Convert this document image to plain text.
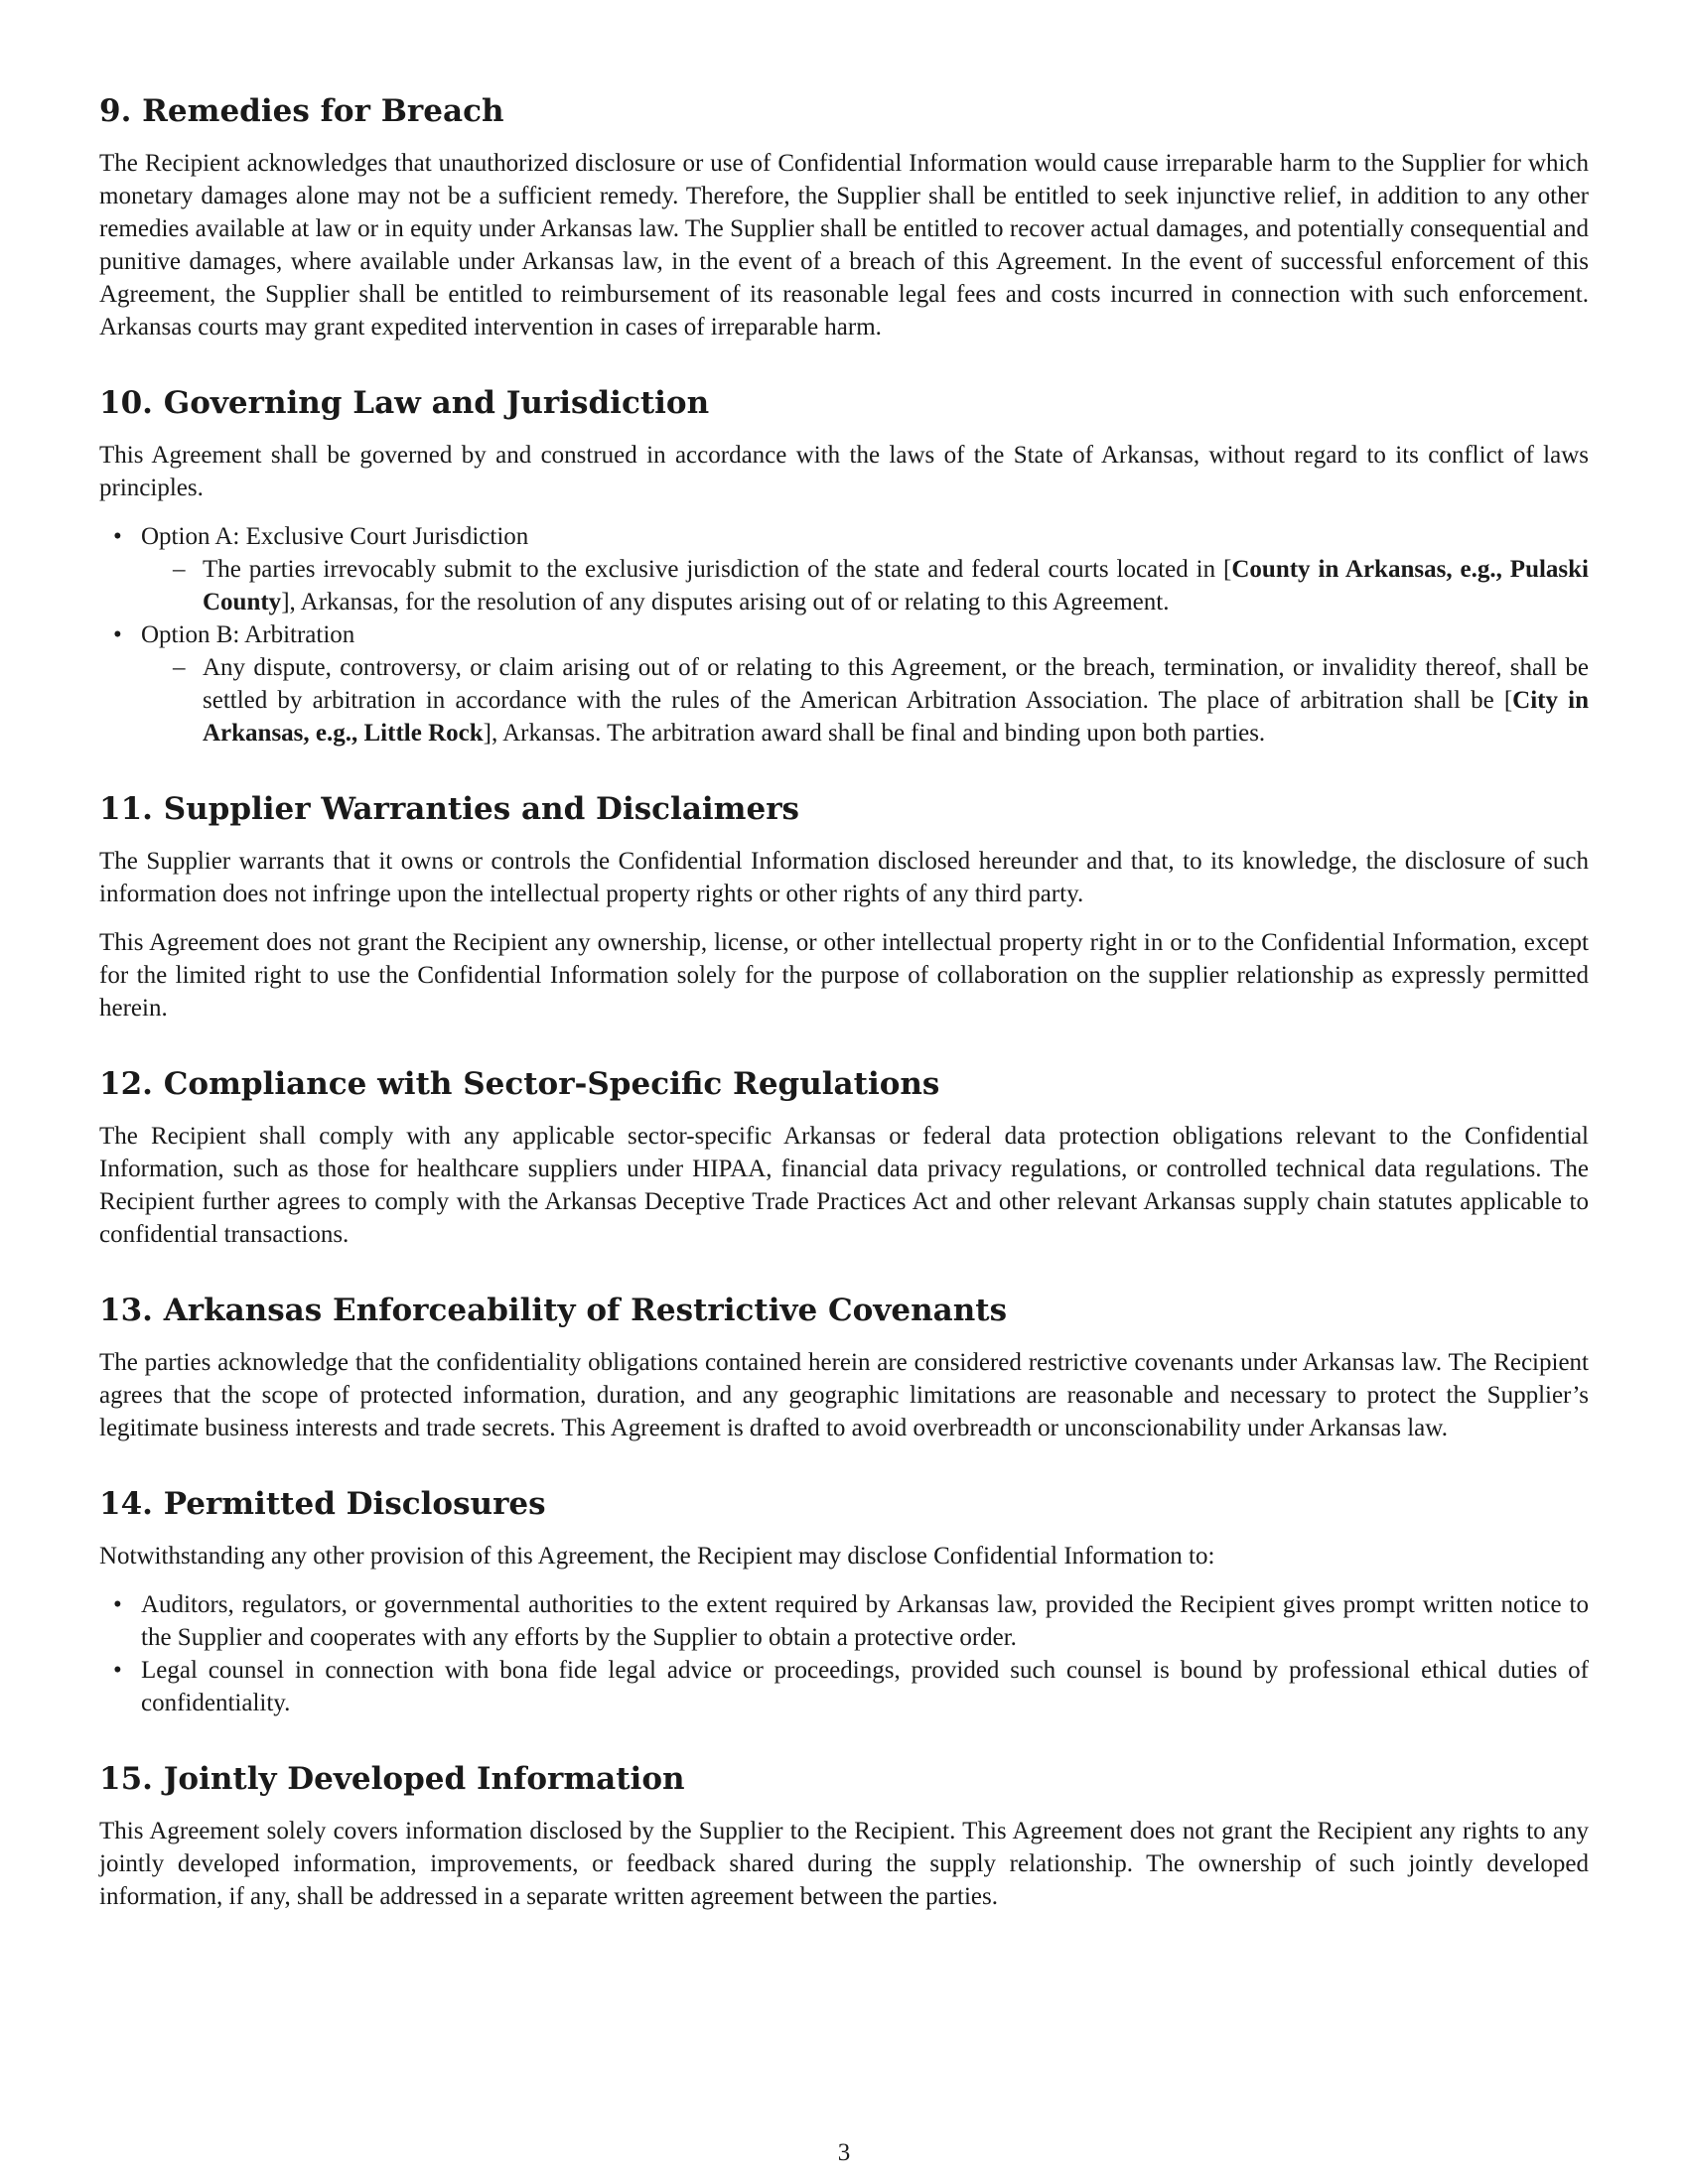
9. Remedies for Breach

The Recipient acknowledges that unauthorized disclosure or use of Confidential Information would cause irreparable harm to the Supplier for which monetary damages alone may not be a sufficient remedy. Therefore, the Supplier shall be entitled to seek injunctive relief, in addition to any other remedies available at law or in equity under Arkansas law. The Supplier shall be entitled to recover actual damages, and potentially consequential and punitive damages, where available under Arkansas law, in the event of a breach of this Agreement. In the event of successful enforcement of this Agreement, the Supplier shall be entitled to reimbursement of its reasonable legal fees and costs incurred in connection with such enforcement. Arkansas courts may grant expedited intervention in cases of irreparable harm.

10. Governing Law and Jurisdiction

This Agreement shall be governed by and construed in accordance with the laws of the State of Arkansas, without regard to its conflict of laws principles.

• Option A: Exclusive Court Jurisdiction
– The parties irrevocably submit to the exclusive jurisdiction of the state and federal courts located in [County in Arkansas, e.g., Pulaski County], Arkansas, for the resolution of any disputes arising out of or relating to this Agreement.
• Option B: Arbitration
– Any dispute, controversy, or claim arising out of or relating to this Agreement, or the breach, termination, or invalidity thereof, shall be settled by arbitration in accordance with the rules of the American Arbitration Association. The place of arbitration shall be [City in Arkansas, e.g., Little Rock], Arkansas. The arbitration award shall be final and binding upon both parties.
11. Supplier Warranties and Disclaimers

The Supplier warrants that it owns or controls the Confidential Information disclosed hereunder and that, to its knowledge, the disclosure of such information does not infringe upon the intellectual property rights or other rights of any third party.

This Agreement does not grant the Recipient any ownership, license, or other intellectual property right in or to the Confidential Information, except for the limited right to use the Confidential Information solely for the purpose of collaboration on the supplier relationship as expressly permitted herein.

12. Compliance with Sector-Specific Regulations

The Recipient shall comply with any applicable sector-specific Arkansas or federal data protection obligations relevant to the Confidential Information, such as those for healthcare suppliers under HIPAA, financial data privacy regulations, or controlled technical data regulations. The Recipient further agrees to comply with the Arkansas Deceptive Trade Practices Act and other relevant Arkansas supply chain statutes applicable to confidential transactions.

13. Arkansas Enforceability of Restrictive Covenants

The parties acknowledge that the confidentiality obligations contained herein are considered restrictive covenants under Arkansas law. The Recipient agrees that the scope of protected information, duration, and any geographic limitations are reasonable and necessary to protect the Supplier’s legitimate business interests and trade secrets. This Agreement is drafted to avoid overbreadth or unconscionability under Arkansas law.

14. Permitted Disclosures

Notwithstanding any other provision of this Agreement, the Recipient may disclose Confidential Information to:

• Auditors, regulators, or governmental authorities to the extent required by Arkansas law, provided the Recipient gives prompt written notice to the Supplier and cooperates with any efforts by the Supplier to obtain a protective order.
• Legal counsel in connection with bona fide legal advice or proceedings, provided such counsel is bound by professional ethical duties of confidentiality.
15. Jointly Developed Information

This Agreement solely covers information disclosed by the Supplier to the Recipient. This Agreement does not grant the Recipient any rights to any jointly developed information, improvements, or feedback shared during the supply relationship. The ownership of such jointly developed information, if any, shall be addressed in a separate written agreement between the parties.

3
